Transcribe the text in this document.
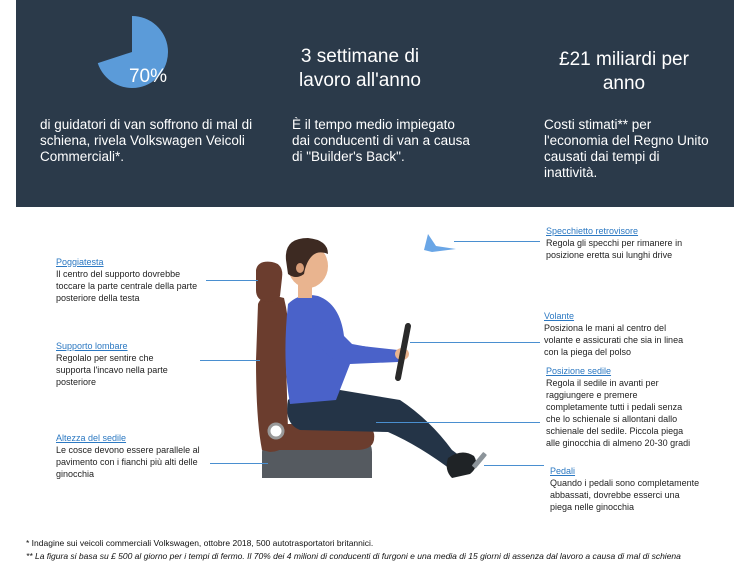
70%
di guidatori di van soffrono di mal di schiena, rivela Volkswagen Veicoli Commerciali*.
3 settimane di lavoro all'anno
È il tempo medio impiegato dai conducenti di van a causa di "Builder's Back".
£21 miliardi per anno
Costi stimati** per l'economia del Regno Unito causati dai tempi di inattività.
Poggiatesta
Il centro del supporto dovrebbe toccare la parte centrale della parte posteriore della testa
Supporto lombare
Regolalo per sentire che supporta l'incavo nella parte posteriore
Altezza del sedile
Le cosce devono essere parallele al pavimento con i fianchi più alti delle ginocchia
Specchietto retrovisore
Regola gli specchi per rimanere in posizione eretta sui lunghi drive
Volante
Posiziona le mani al centro del volante e assicurati che sia in linea con la piega del polso
Posizione sedile
Regola il sedile in avanti per raggiungere e premere completamente tutti i pedali senza che lo schienale si allontani dallo schienale del sedile. Piccola piega alle ginocchia di almeno 20-30 gradi
Pedali
Quando i pedali sono completamente abbassati, dovrebbe esserci una piega nelle ginocchia
* Indagine sui veicoli commerciali Volkswagen, ottobre 2018, 500 autotrasportatori britannici.
** La figura si basa su £ 500 al giorno per i tempi di fermo. Il 70% dei 4 milioni di conducenti di furgoni e una media di 15 giorni di assenza dal lavoro a causa di mal di schiena
